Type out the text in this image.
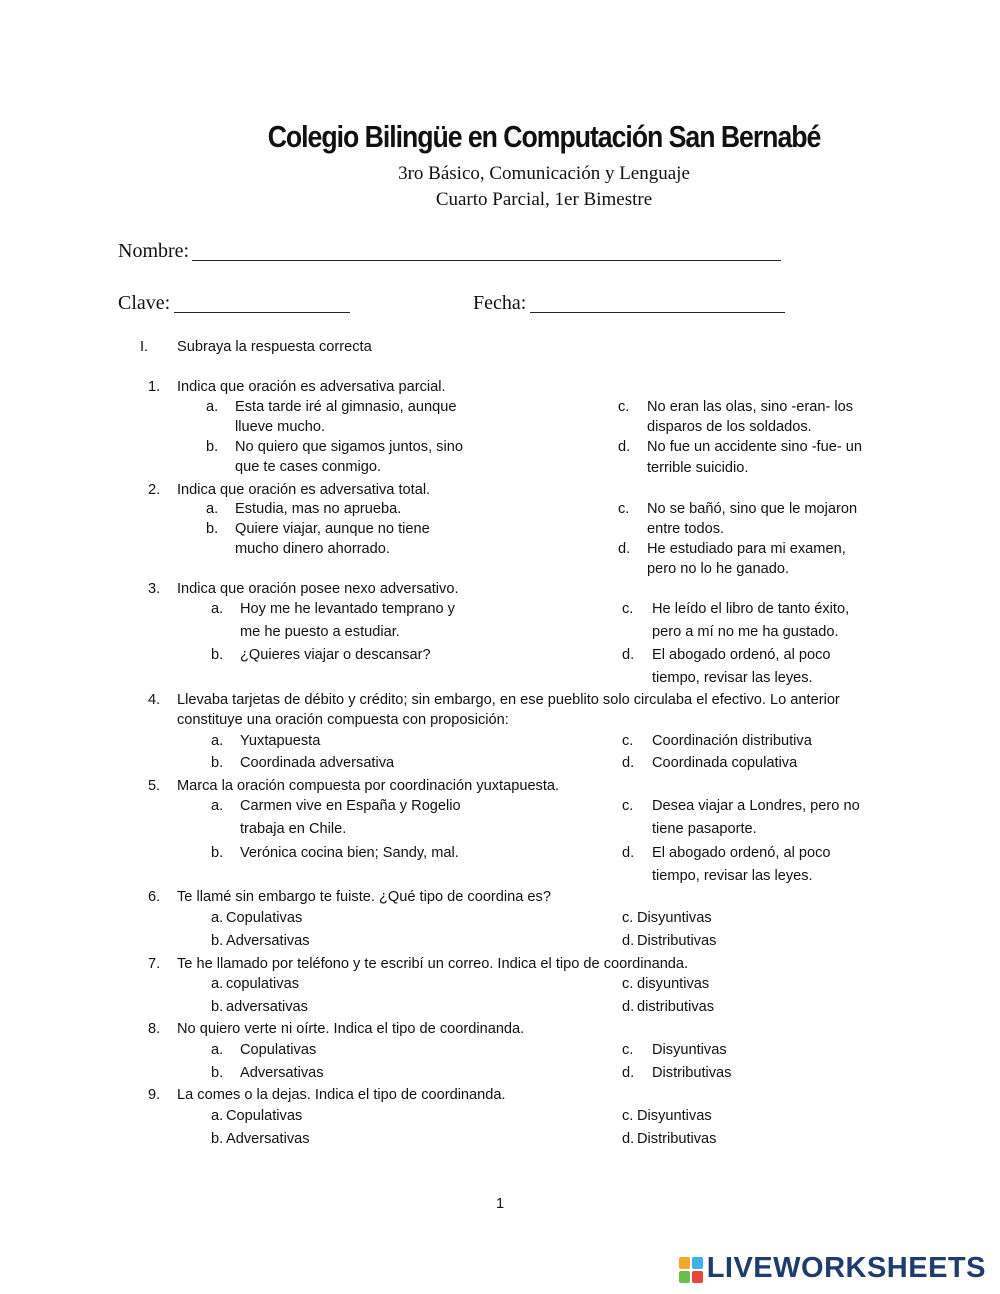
Colegio Bilingüe en Computación San Bernabé
3ro Básico, Comunicación y Lenguaje
Cuarto Parcial, 1er Bimestre
Nombre:
Clave:	Fecha:
I. Subraya la respuesta correcta
1. Indica que oración es adversativa parcial.
a. Esta tarde iré al gimnasio, aunque
llueve mucho.
b. No quiero que sigamos juntos, sino
que te cases conmigo.
c. No eran las olas, sino -eran- los
disparos de los soldados.
d. No fue un accidente sino -fue- un
terrible suicidio.
2. Indica que oración es adversativa total.
a. Estudia, mas no aprueba.
b. Quiere viajar, aunque no tiene
mucho dinero ahorrado.
c. No se bañó, sino que le mojaron
entre todos.
d. He estudiado para mi examen,
pero no lo he ganado.
3. Indica que oración posee nexo adversativo.
a. Hoy me he levantado temprano y
me he puesto a estudiar.
b. ¿Quieres viajar o descansar?
c. He leído el libro de tanto éxito,
pero a mí no me ha gustado.
d. El abogado ordenó, al poco
tiempo, revisar las leyes.
4. Llevaba tarjetas de débito y crédito; sin embargo, en ese pueblito solo circulaba el efectivo. Lo anterior
constituye una oración compuesta con proposición:
a. Yuxtapuesta
b. Coordinada adversativa
c. Coordinación distributiva
d. Coordinada copulativa
5. Marca la oración compuesta por coordinación yuxtapuesta.
a. Carmen vive en España y Rogelio
trabaja en Chile.
b. Verónica cocina bien; Sandy, mal.
c. Desea viajar a Londres, pero no
tiene pasaporte.
d. El abogado ordenó, al poco
tiempo, revisar las leyes.
6. Te llamé sin embargo te fuiste. ¿Qué tipo de coordina es?
a. Copulativas
b. Adversativas
c. Disyuntivas
d. Distributivas
7. Te he llamado por teléfono y te escribí un correo. Indica el tipo de coordinanda.
a. copulativas
b. adversativas
c. disyuntivas
d. distributivas
8. No quiero verte ni oírte. Indica el tipo de coordinanda.
a. Copulativas
b. Adversativas
c. Disyuntivas
d. Distributivas
9. La comes o la dejas. Indica el tipo de coordinanda.
a. Copulativas
b. Adversativas
c. Disyuntivas
d. Distributivas
1
LIVEWORKSHEETS
